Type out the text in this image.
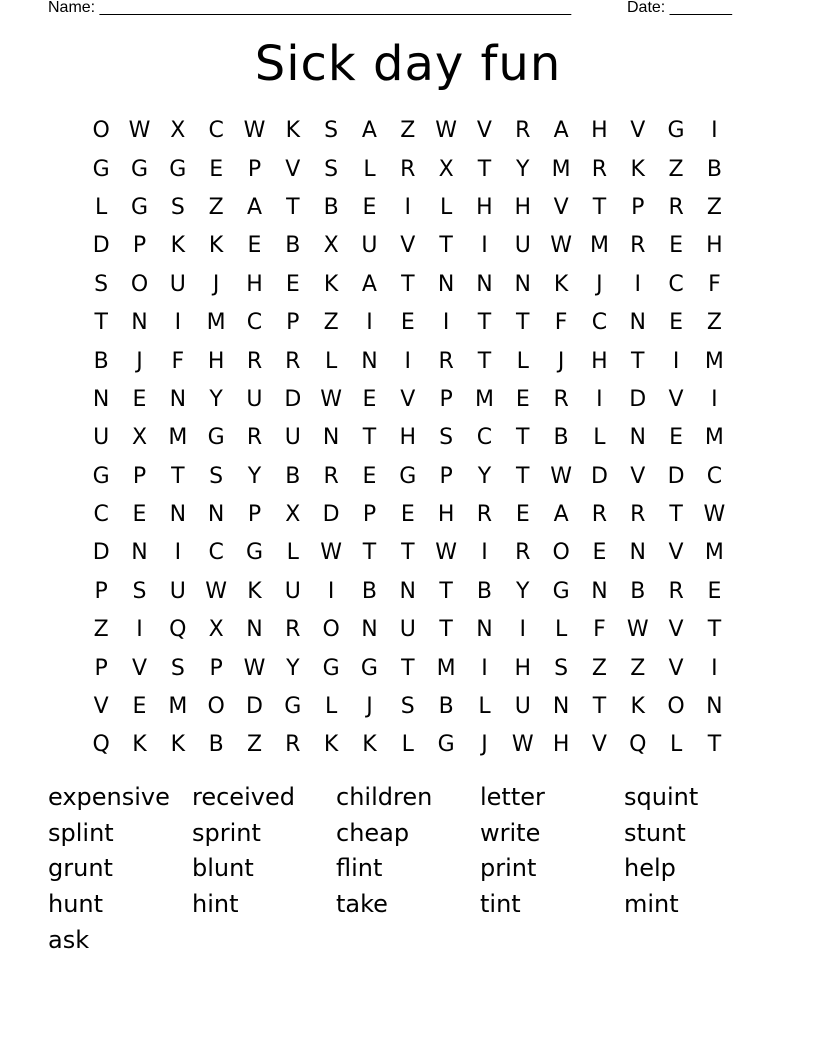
Name: _____________________________________________________	Date: _______
Sick day fun
O W X	C W K	S	A	Z W V	R	A	H	V	G	I
G G G	E	P	V	S	L	R	X	T	Y	M R	K	Z	B
L	G	S	Z	A	T	B	E	I	L	H H	V	T	P	R	Z
D	P	K	K	E	B	X	U	V	T	I	U W M R	E	H
S	O U	J	H	E	K	A	T	N N N	K	J	I	C	F
T	N	I	M C	P	Z	I	E	I	T	T	F	C	N	E	Z
B	J	F	H	R	R	L	N	I	R	T	L	J	H	T	I	M
N	E	N	Y	U D W E	V	P	M E	R	I	D	V	I
U	X M G	R	U	N	T	H	S	C	T	B	L	N	E M
G	P	T	S	Y	B	R	E	G	P	Y	T W D	V	D	C
C	E	N N	P	X	D	P	E	H	R	E	A	R	R	T W
D N	I	C	G	L W T	T W	I	R	O	E	N	V M
P	S	U W K	U	I	B	N	T	B	Y	G N	B	R	E
Z	I	Q	X	N	R	O N	U	T	N	I	L	F W V	T
P	V	S	P W Y	G G	T	M	I	H	S	Z	Z	V	I
V	E M O D G	L	J	S	B	L	U	N	T	K	O N
Q	K	K	B	Z	R	K	K	L	G	J	W H	V	Q	L	T
expensive received	children	letter	squint
splint	sprint	cheap	write	stunt
grunt	blunt	flint	print	help
hunt	hint	take	tint	mint
ask
